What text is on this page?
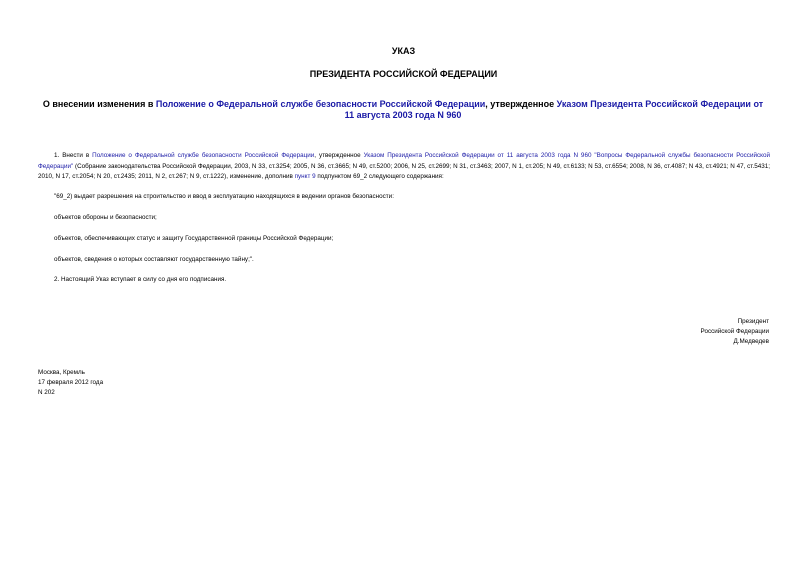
УКАЗ
ПРЕЗИДЕНТА РОССИЙСКОЙ ФЕДЕРАЦИИ
О внесении изменения в Положение о Федеральной службе безопасности Российской Федерации, утвержденное Указом Президента Российской Федерации от 11 августа 2003 года N 960
1. Внести в Положение о Федеральной службе безопасности Российской Федерации, утвержденное Указом Президента Российской Федерации от 11 августа 2003 года N 960 "Вопросы Федеральной службы безопасности Российской Федерации" (Собрание законодательства Российской Федерации, 2003, N 33, ст.3254; 2005, N 36, ст.3665; N 49, ст.5200; 2006, N 25, ст.2699; N 31, ст.3463; 2007, N 1, ст.205; N 49, ст.6133; N 53, ст.6554; 2008, N 36, ст.4087; N 43, ст.4921; N 47, ст.5431; 2010, N 17, ст.2054; N 20, ст.2435; 2011, N 2, ст.267; N 9, ст.1222), изменение, дополнив пункт 9 подпунктом 69_2 следующего содержания:
"69_2) выдает разрешения на строительство и ввод в эксплуатацию находящихся в ведении органов безопасности:
объектов обороны и безопасности;
объектов, обеспечивающих статус и защиту Государственной границы Российской Федерации;
объектов, сведения о которых составляют государственную тайну;".
2. Настоящий Указ вступает в силу со дня его подписания.
Президент
Российской Федерации
Д.Медведев
Москва, Кремль
17 февраля 2012 года
N 202
